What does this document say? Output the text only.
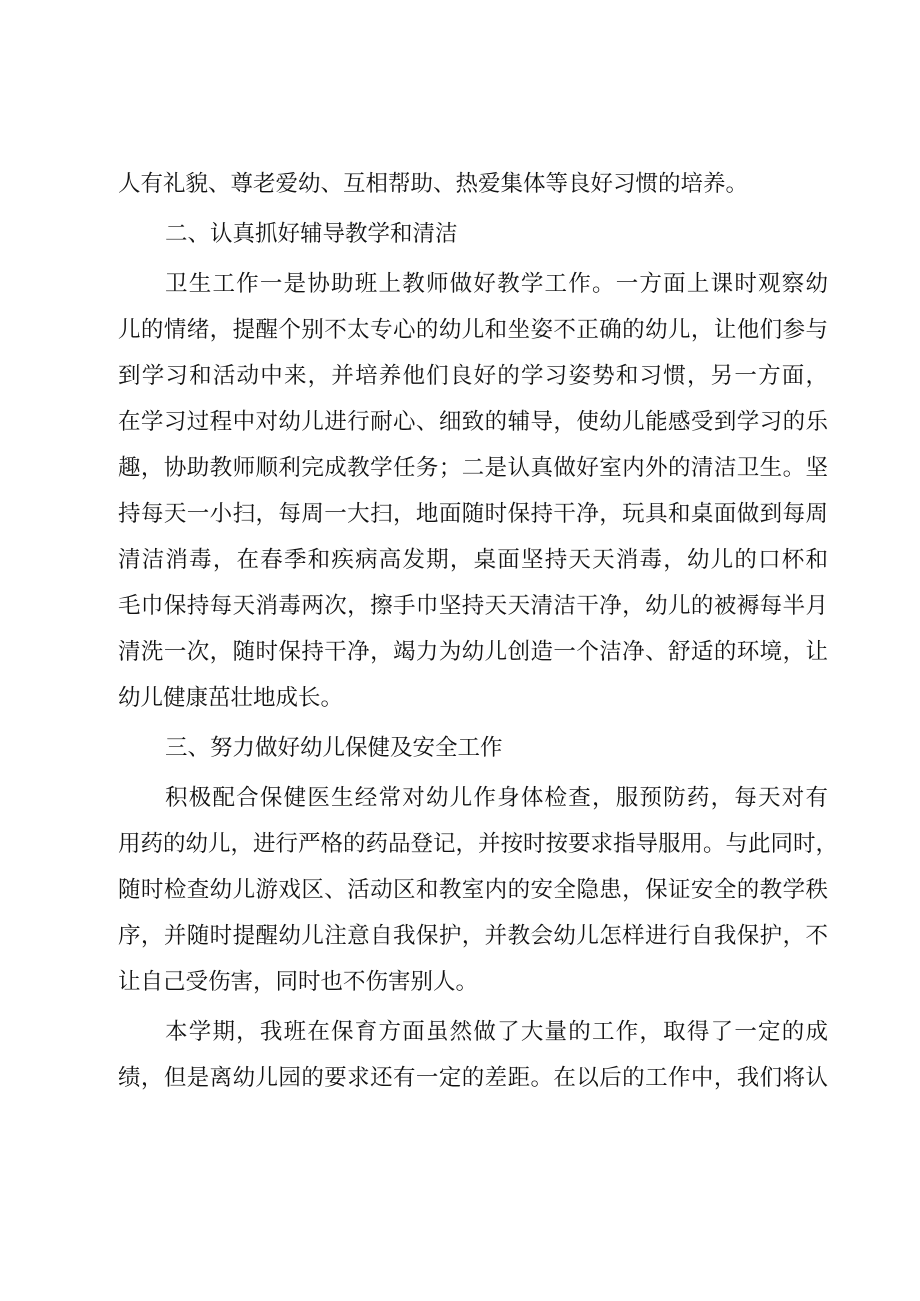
人有礼貌、尊老爱幼、互相帮助、热爱集体等良好习惯的培养。
二、认真抓好辅导教学和清洁
卫生工作一是协助班上教师做好教学工作。一方面上课时观察幼
儿的情绪，提醒个别不太专心的幼儿和坐姿不正确的幼儿，让他们参与
到学习和活动中来，并培养他们良好的学习姿势和习惯，另一方面，
在学习过程中对幼儿进行耐心、细致的辅导，使幼儿能感受到学习的乐
趣，协助教师顺利完成教学任务；二是认真做好室内外的清洁卫生。坚
持每天一小扫，每周一大扫，地面随时保持干净，玩具和桌面做到每周
清洁消毒，在春季和疾病高发期，桌面坚持天天消毒，幼儿的口杯和
毛巾保持每天消毒两次，擦手巾坚持天天清洁干净，幼儿的被褥每半月
清洗一次，随时保持干净，竭力为幼儿创造一个洁净、舒适的环境，让
幼儿健康茁壮地成长。
三、努力做好幼儿保健及安全工作
积极配合保健医生经常对幼儿作身体检查，服预防药，每天对有
用药的幼儿，进行严格的药品登记，并按时按要求指导服用。与此同时，
随时检查幼儿游戏区、活动区和教室内的安全隐患，保证安全的教学秩
序，并随时提醒幼儿注意自我保护，并教会幼儿怎样进行自我保护，不
让自己受伤害，同时也不伤害别人。
本学期，我班在保育方面虽然做了大量的工作，取得了一定的成
绩，但是离幼儿园的要求还有一定的差距。在以后的工作中，我们将认
